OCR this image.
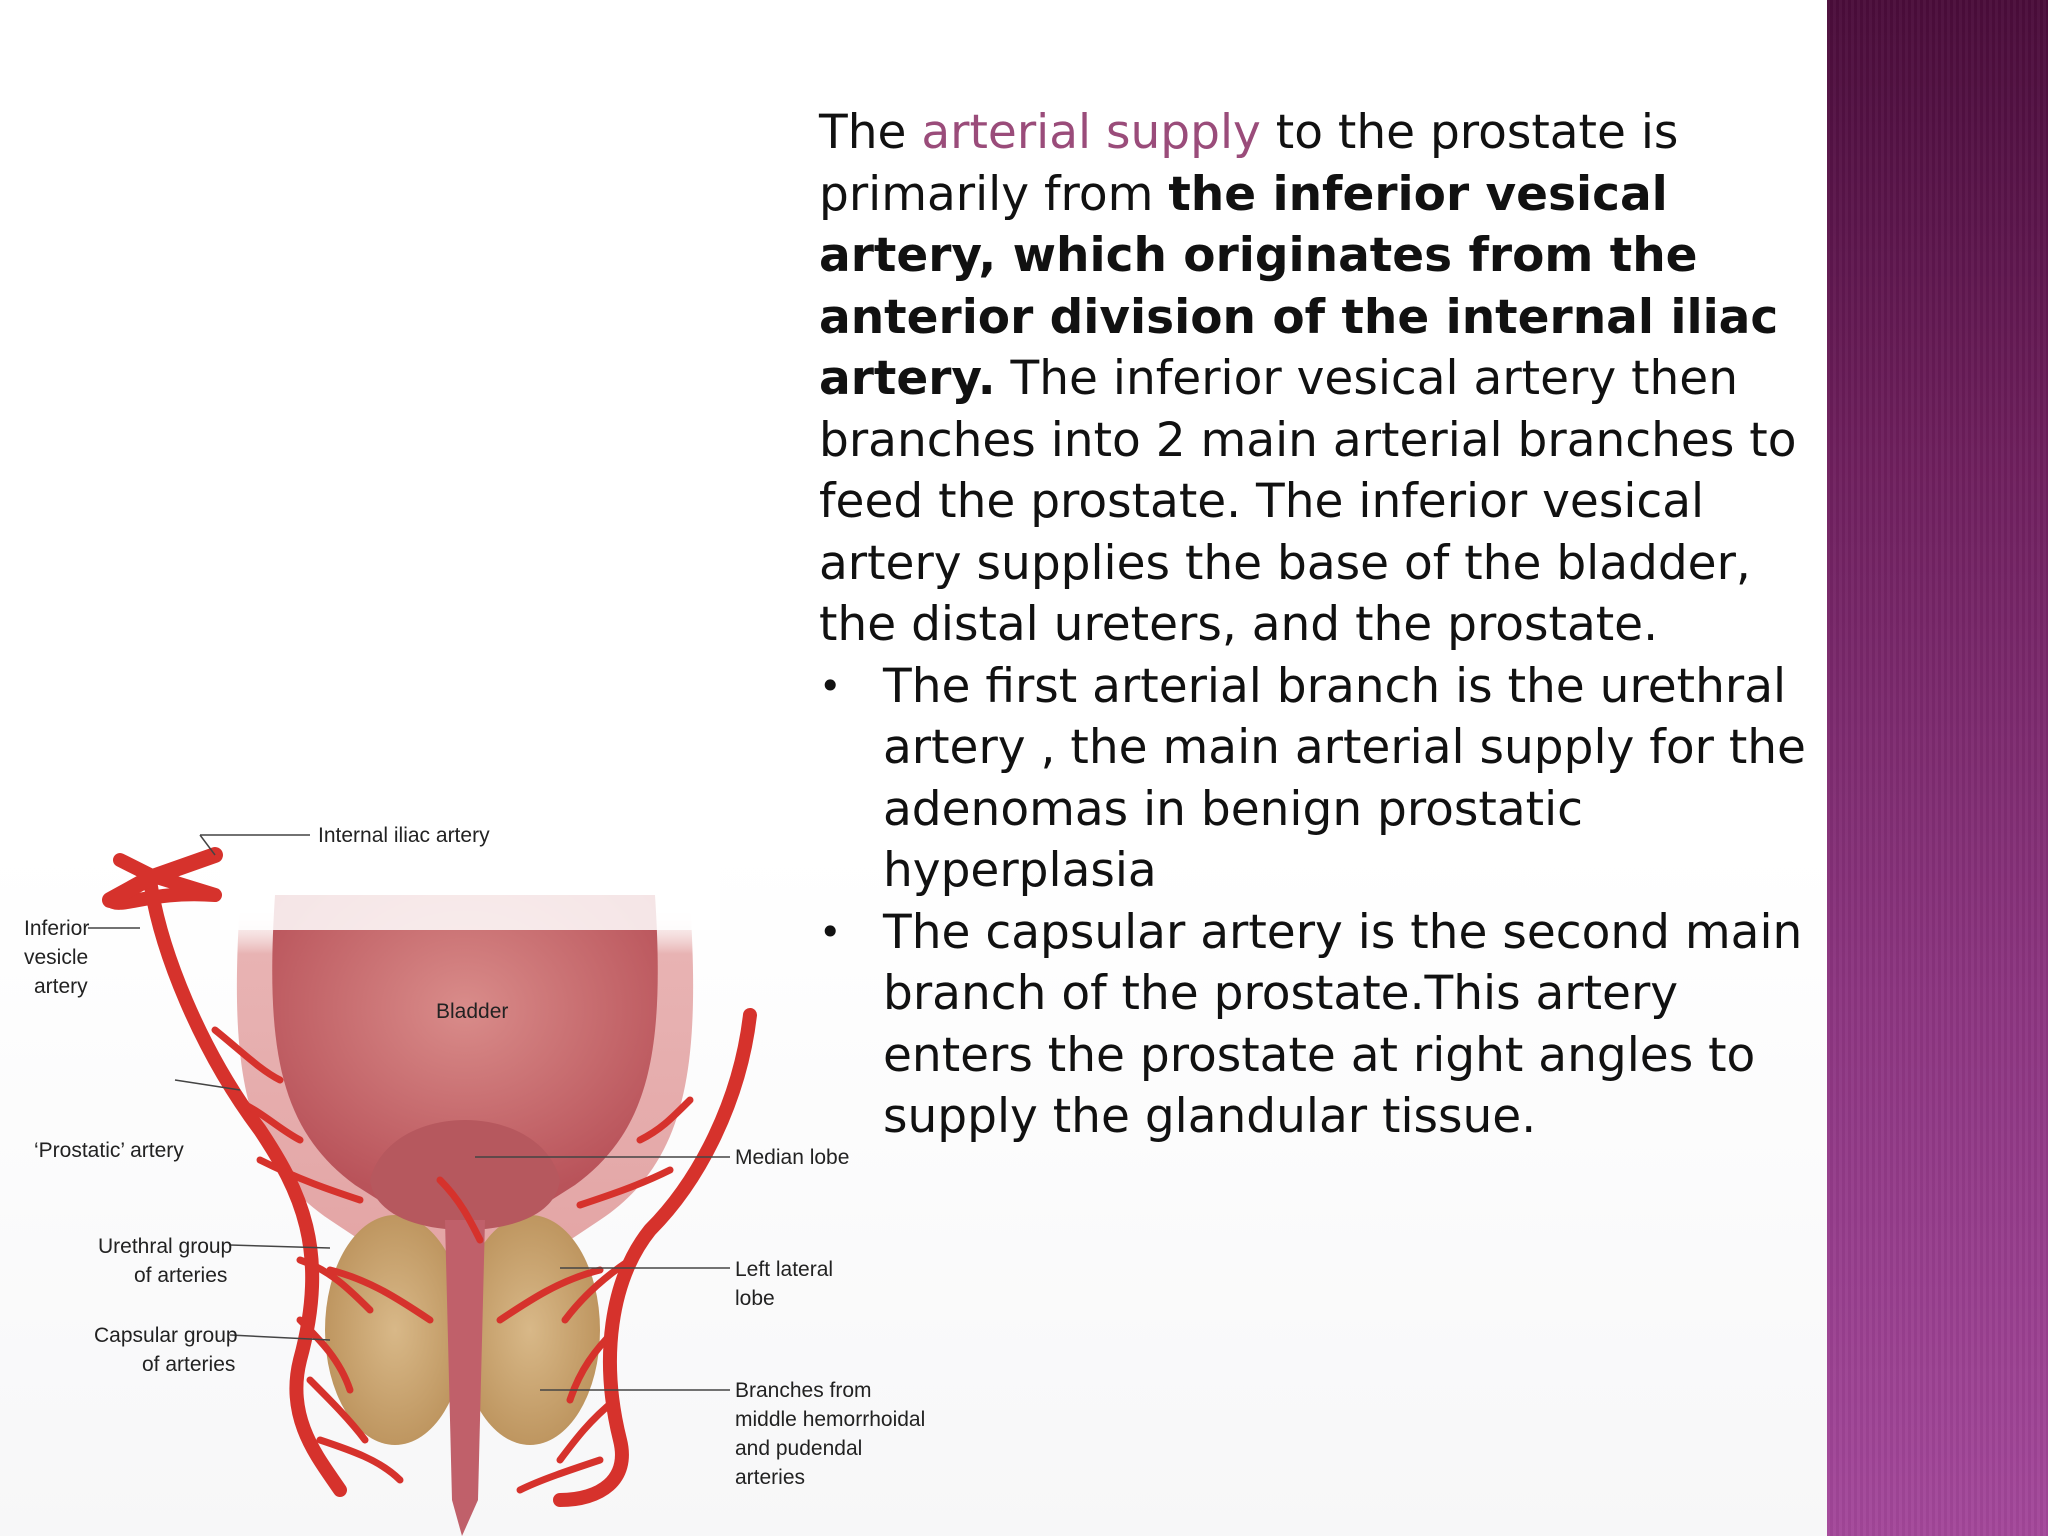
The arterial supply to the prostate is primarily from the inferior vesical artery, which originates from the anterior division of the internal iliac artery. The inferior vesical artery then branches into 2 main arterial branches to feed the prostate. The inferior vesical artery supplies the base of the bladder, the distal ureters, and the prostate.

• The first arterial branch is the urethral artery , the main arterial supply for the adenomas in benign prostatic hyperplasia
• The capsular artery is the second main branch of the prostate.This artery enters the prostate at right angles to supply the glandular tissue.
Internal iliac artery
Inferior
vesicle
artery
Bladder
‘Prostatic’ artery	Median lobe
Urethral group
of arteries	Left lateral
lobe
Capsular group
of arteries
Branches from
middle hemorrhoidal
and pudendal
arteries
